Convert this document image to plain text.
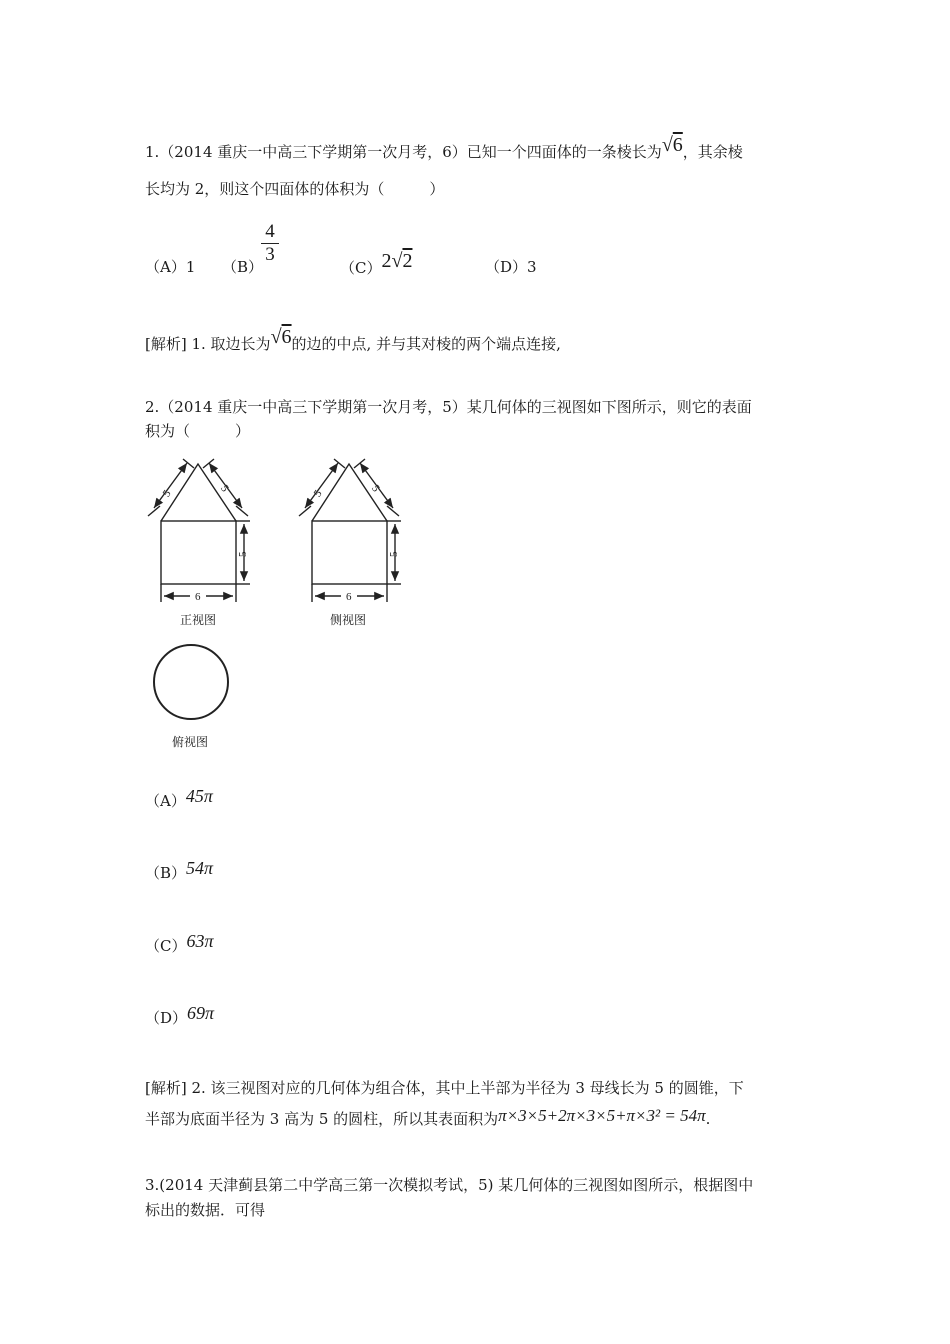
1.（2014 重庆一中高三下学期第一次月考，6）已知一个四面体的一条棱长为√6，其余棱
长均为 2，则这个四面体的体积为（　　　）
（A）1 （B）
4
3
（C）2√2	（D）3
[解析] 1. 取边长为√6的边的中点, 并与其对棱的两个端点连接,
2.（2014 重庆一中高三下学期第一次月考，5）某几何体的三视图如下图所示，则它的表面
积为（　　　）
5	5
5
6
5	5
5
6
正视图	侧视图
俯视图
（A）45π
（B）54π
（C）63π
（D）69π
[解析] 2. 该三视图对应的几何体为组合体，其中上半部为半径为 3 母线长为 5 的圆锥，下
半部为底面半径为 3 高为 5 的圆柱，所以其表面积为π×3×5+2π×3×5+π×3² = 54π.
3.(2014 天津蓟县第二中学高三第一次模拟考试，5) 某几何体的三视图如图所示，根据图中
标出的数据．可得
